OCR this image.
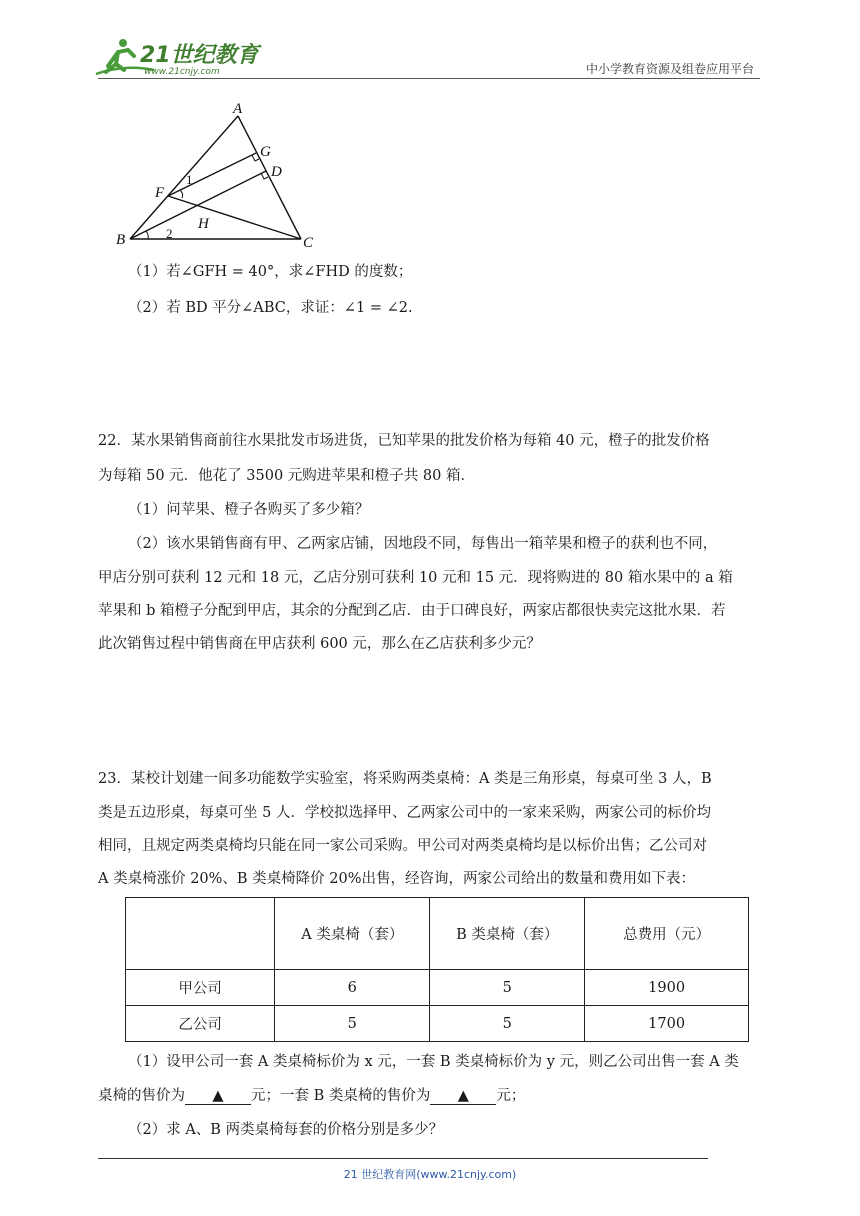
21世纪教育
www.21cnjy.com	中小学教育资源及组卷应用平台
A
G
D
F
H
B	C
1
2
（1）若∠GFH = 40°，求∠FHD 的度数；
（2）若 BD 平分∠ABC，求证：∠1 = ∠2.
22．某水果销售商前往水果批发市场进货，已知苹果的批发价格为每箱 40 元，橙子的批发价格
为每箱 50 元．他花了 3500 元购进苹果和橙子共 80 箱．
（1）问苹果、橙子各购买了多少箱？
（2）该水果销售商有甲、乙两家店铺，因地段不同，每售出一箱苹果和橙子的获利也不同，
甲店分别可获利 12 元和 18 元，乙店分别可获利 10 元和 15 元．现将购进的 80 箱水果中的 a 箱
苹果和 b 箱橙子分配到甲店，其余的分配到乙店．由于口碑良好，两家店都很快卖完这批水果．若
此次销售过程中销售商在甲店获利 600 元，那么在乙店获利多少元？
23．某校计划建一间多功能数学实验室，将采购两类桌椅：A 类是三角形桌，每桌可坐 3 人，B
类是五边形桌，每桌可坐 5 人．学校拟选择甲、乙两家公司中的一家来采购，两家公司的标价均
相同，且规定两类桌椅均只能在同一家公司采购。甲公司对两类桌椅均是以标价出售；乙公司对
A 类桌椅涨价 20%、B 类桌椅降价 20%出售，经咨询，两家公司给出的数量和费用如下表：
	A 类桌椅（套）	B 类桌椅（套）	总费用（元）
甲公司	6	5	1900
乙公司	5	5	1700
（1）设甲公司一套 A 类桌椅标价为 x 元，一套 B 类桌椅标价为 y 元，则乙公司出售一套 A 类
桌椅的售价为 ▲ 元；一套 B 类桌椅的售价为 ▲ 元；
（2）求 A、B 两类桌椅每套的价格分别是多少？
21 世纪教育网(www.21cnjy.com)
